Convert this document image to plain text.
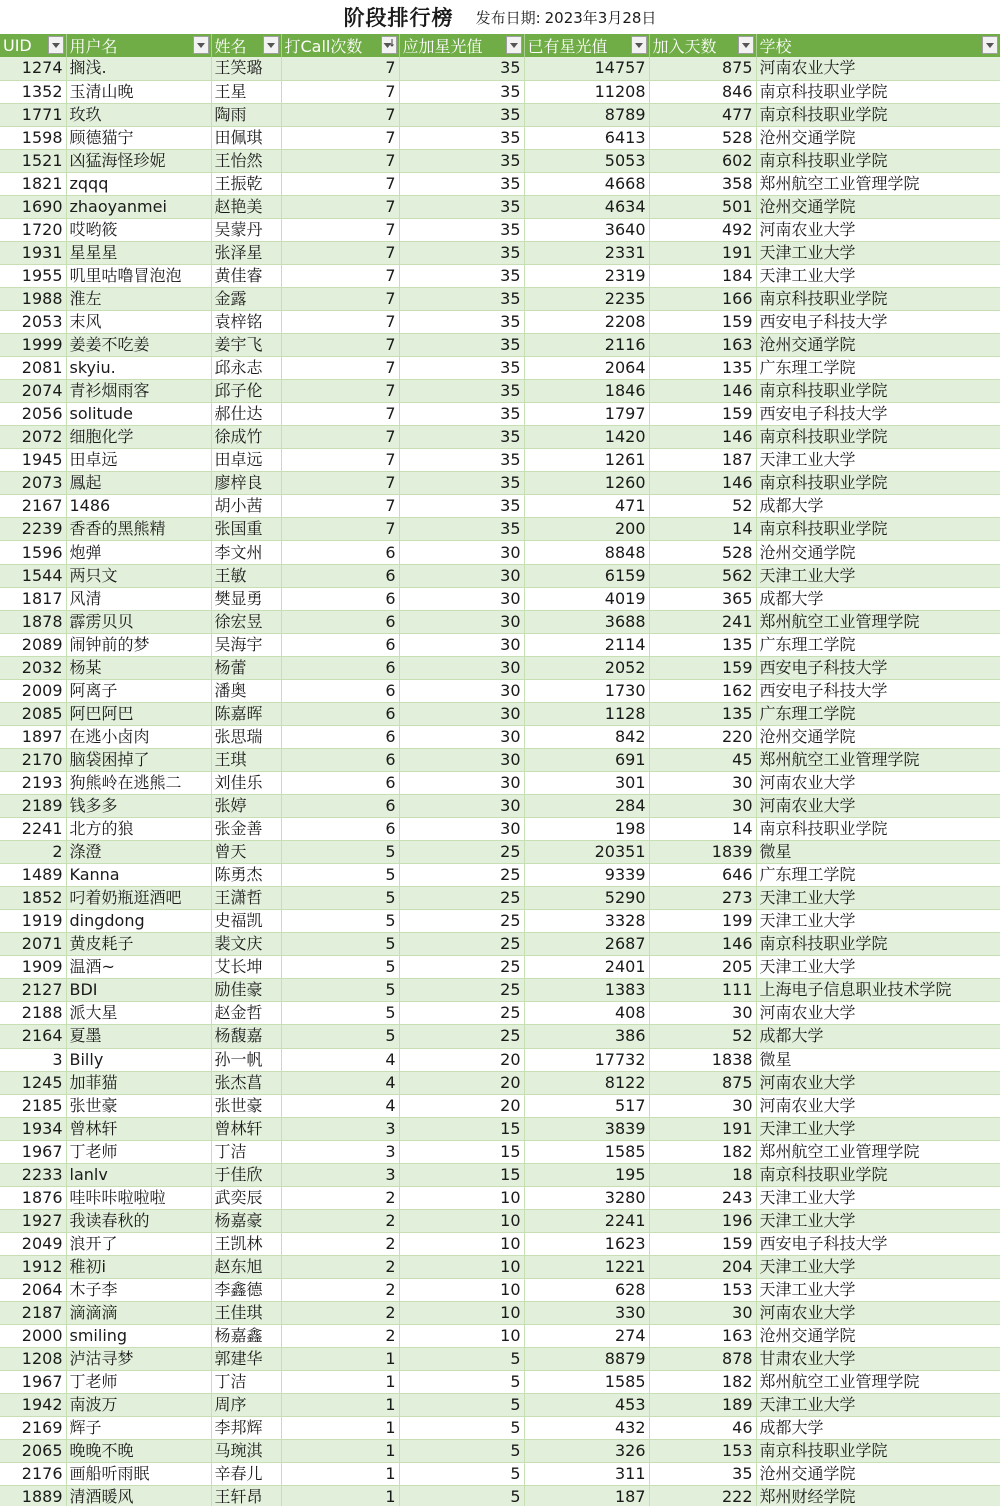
阶段排行榜 发布日期: 2023年3月28日
UID	用户名	姓名	打Call次数	应加星光值	已有星光值	加入天数	学校

1274	搁浅.	王笑璐	7	35	14757	875	河南农业大学
1352	玉清山晚	王星	7	35	11208	846	南京科技职业学院
1771	玫玖	陶雨	7	35	8789	477	南京科技职业学院
1598	顾德猫宁	田佩琪	7	35	6413	528	沧州交通学院
1521	凶猛海怪珍妮	王怡然	7	35	5053	602	南京科技职业学院
1821	zqqq	王振乾	7	35	4668	358	郑州航空工业管理学院
1690	zhaoyanmei	赵艳美	7	35	4634	501	沧州交通学院
1720	哎哟筱	吴蒙丹	7	35	3640	492	河南农业大学
1931	星星星	张泽星	7	35	2331	191	天津工业大学
1955	叽里咕噜冒泡泡	黄佳睿	7	35	2319	184	天津工业大学
1988	淮左	金露	7	35	2235	166	南京科技职业学院
2053	末风	袁梓铭	7	35	2208	159	西安电子科技大学
1999	姜姜不吃姜	姜宇飞	7	35	2116	163	沧州交通学院
2081	skyiu.	邱永志	7	35	2064	135	广东理工学院
2074	青衫烟雨客	邱子伦	7	35	1846	146	南京科技职业学院
2056	solitude	郝仕达	7	35	1797	159	西安电子科技大学
2072	细胞化学	徐成竹	7	35	1420	146	南京科技职业学院
1945	田卓远	田卓远	7	35	1261	187	天津工业大学
2073	鳳起	廖梓良	7	35	1260	146	南京科技职业学院
2167	1486	胡小茜	7	35	471	52	成都大学
2239	香香的黑熊精	张国重	7	35	200	14	南京科技职业学院
1596	炮弹	李文州	6	30	8848	528	沧州交通学院
1544	两只文	王敏	6	30	6159	562	天津工业大学
1817	风清	樊显勇	6	30	4019	365	成都大学
1878	霹雳贝贝	徐宏昱	6	30	3688	241	郑州航空工业管理学院
2089	闹钟前的梦	吴海宇	6	30	2114	135	广东理工学院
2032	杨某	杨蕾	6	30	2052	159	西安电子科技大学
2009	阿离子	潘奥	6	30	1730	162	西安电子科技大学
2085	阿巴阿巴	陈嘉晖	6	30	1128	135	广东理工学院
1897	在逃小卤肉	张思瑞	6	30	842	220	沧州交通学院
2170	脑袋困掉了	王琪	6	30	691	45	郑州航空工业管理学院
2193	狗熊岭在逃熊二	刘佳乐	6	30	301	30	河南农业大学
2189	钱多多	张婷	6	30	284	30	河南农业大学
2241	北方的狼	张金善	6	30	198	14	南京科技职业学院
2	涤澄	曾天	5	25	20351	1839	微星
1489	Kanna	陈勇杰	5	25	9339	646	广东理工学院
1852	叼着奶瓶逛酒吧	王潇哲	5	25	5290	273	天津工业大学
1919	dingdong	史福凯	5	25	3328	199	天津工业大学
2071	黄皮耗子	裴文庆	5	25	2687	146	南京科技职业学院
1909	温酒~	艾长坤	5	25	2401	205	天津工业大学
2127	BDI	励佳豪	5	25	1383	111	上海电子信息职业技术学院
2188	派大星	赵金哲	5	25	408	30	河南农业大学
2164	夏墨	杨馥嘉	5	25	386	52	成都大学
3	Billy	孙一帆	4	20	17732	1838	微星
1245	加菲猫	张杰菖	4	20	8122	875	河南农业大学
2185	张世豪	张世豪	4	20	517	30	河南农业大学
1934	曾林轩	曾林轩	3	15	3839	191	天津工业大学
1967	丁老师	丁洁	3	15	1585	182	郑州航空工业管理学院
2233	lanlv	于佳欣	3	15	195	18	南京科技职业学院
1876	哇咔咔啦啦啦	武奕辰	2	10	3280	243	天津工业大学
1927	我读春秋的	杨嘉豪	2	10	2241	196	天津工业大学
2049	浪开了	王凯林	2	10	1623	159	西安电子科技大学
1912	稚初i	赵东旭	2	10	1221	204	天津工业大学
2064	木子李	李鑫德	2	10	628	153	天津工业大学
2187	滴滴滴	王佳琪	2	10	330	30	河南农业大学
2000	smiling	杨嘉鑫	2	10	274	163	沧州交通学院
1208	泸沽寻梦	郭建华	1	5	8879	878	甘肃农业大学
1967	丁老师	丁洁	1	5	1585	182	郑州航空工业管理学院
1942	南波万	周序	1	5	453	189	天津工业大学
2169	辉子	李邦辉	1	5	432	46	成都大学
2065	晚晚不晚	马琬淇	1	5	326	153	南京科技职业学院
2176	画船听雨眠	辛春儿	1	5	311	35	沧州交通学院
1889	清酒暖风	王轩昂	1	5	187	222	郑州财经学院
